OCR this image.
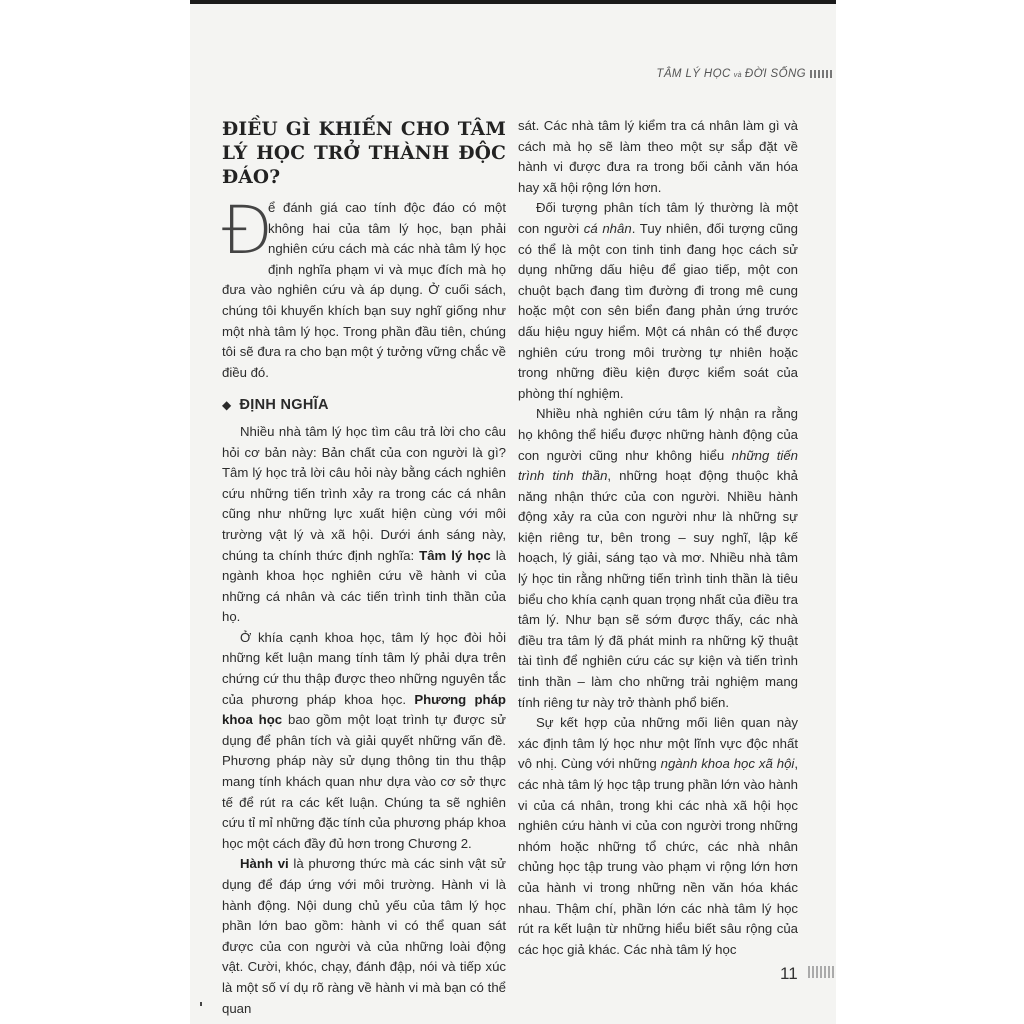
TÂM LÝ HỌC và ĐỜI SỐNG
ĐIỀU GÌ KHIẾN CHO TÂM LÝ HỌC TRỞ THÀNH ĐỘC ĐÁO?
Đ

ể đánh giá cao tính độc đáo có một không hai của tâm lý học, bạn phải nghiên cứu cách mà các nhà tâm lý học định nghĩa phạm vi và mục đích mà họ đưa vào nghiên cứu và áp dụng. Ở cuối sách, chúng tôi khuyến khích bạn suy nghĩ giống như một nhà tâm lý học. Trong phần đầu tiên, chúng tôi sẽ đưa ra cho bạn một ý tưởng vững chắc về điều đó.

◆ ĐỊNH NGHĨA

Nhiều nhà tâm lý học tìm câu trả lời cho câu hỏi cơ bản này: Bản chất của con người là gì? Tâm lý học trả lời câu hỏi này bằng cách nghiên cứu những tiến trình xảy ra trong các cá nhân cũng như những lực xuất hiện cùng với môi trường vật lý và xã hội. Dưới ánh sáng này, chúng ta chính thức định nghĩa: Tâm lý học là ngành khoa học nghiên cứu về hành vi của những cá nhân và các tiến trình tinh thần của họ.

Ở khía cạnh khoa học, tâm lý học đòi hỏi những kết luận mang tính tâm lý phải dựa trên chứng cứ thu thập được theo những nguyên tắc của phương pháp khoa học. Phương pháp khoa học bao gồm một loạt trình tự được sử dụng để phân tích và giải quyết những vấn đề. Phương pháp này sử dụng thông tin thu thập mang tính khách quan như dựa vào cơ sở thực tế để rút ra các kết luận. Chúng ta sẽ nghiên cứu tỉ mỉ những đặc tính của phương pháp khoa học một cách đầy đủ hơn trong Chương 2.

Hành vi là phương thức mà các sinh vật sử dụng để đáp ứng với môi trường. Hành vi là hành động. Nội dung chủ yếu của tâm lý học phần lớn bao gồm: hành vi có thể quan sát được của con người và của những loài động vật. Cười, khóc, chạy, đánh đập, nói và tiếp xúc là một số ví dụ rõ ràng về hành vi mà bạn có thể quan

sát. Các nhà tâm lý kiểm tra cá nhân làm gì và cách mà họ sẽ làm theo một sự sắp đặt về hành vi được đưa ra trong bối cảnh văn hóa hay xã hội rộng lớn hơn.

Đối tượng phân tích tâm lý thường là một con người cá nhân. Tuy nhiên, đối tượng cũng có thể là một con tinh tinh đang học cách sử dụng những dấu hiệu để giao tiếp, một con chuột bạch đang tìm đường đi trong mê cung hoặc một con sên biển đang phản ứng trước dấu hiệu nguy hiểm. Một cá nhân có thể được nghiên cứu trong môi trường tự nhiên hoặc trong những điều kiện được kiểm soát của phòng thí nghiệm.

Nhiều nhà nghiên cứu tâm lý nhận ra rằng họ không thể hiểu được những hành động của con người cũng như không hiểu những tiến trình tinh thần, những hoạt động thuộc khả năng nhận thức của con người. Nhiều hành động xảy ra của con người như là những sự kiện riêng tư, bên trong – suy nghĩ, lập kế hoạch, lý giải, sáng tạo và mơ. Nhiều nhà tâm lý học tin rằng những tiến trình tinh thần là tiêu biểu cho khía cạnh quan trọng nhất của điều tra tâm lý. Như bạn sẽ sớm được thấy, các nhà điều tra tâm lý đã phát minh ra những kỹ thuật tài tình để nghiên cứu các sự kiện và tiến trình tinh thần – làm cho những trải nghiệm mang tính riêng tư này trở thành phổ biến.

Sự kết hợp của những mối liên quan này xác định tâm lý học như một lĩnh vực độc nhất vô nhị. Cùng với những ngành khoa học xã hội, các nhà tâm lý học tập trung phần lớn vào hành vi của cá nhân, trong khi các nhà xã hội học nghiên cứu hành vi của con người trong những nhóm hoặc những tổ chức, các nhà nhân chủng học tập trung vào phạm vi rộng lớn hơn của hành vi trong những nền văn hóa khác nhau. Thậm chí, phần lớn các nhà tâm lý học rút ra kết luận từ những hiểu biết sâu rộng của các học giả khác. Các nhà tâm lý học

11
